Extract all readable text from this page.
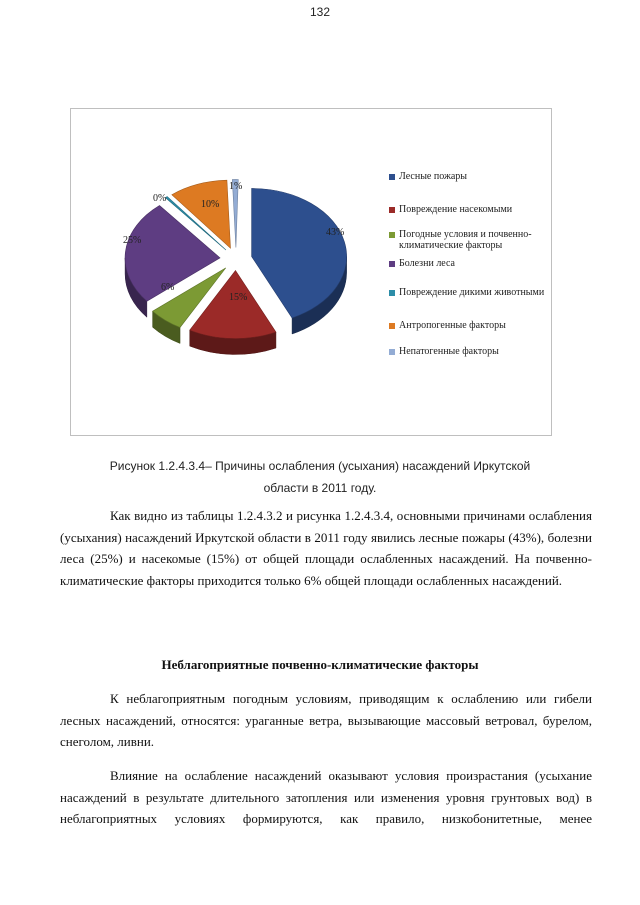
132
43%
15%
6%
25%
0%
10%
1%
Лесные пожары
Повреждение насекомыми
Погодные условия и почвенно-климатические факторы
Болезни леса
Повреждение дикими животными
Антропогенные факторы
Непатогенные факторы
Рисунок 1.2.4.3.4– Причины ослабления (усыхания) насаждений Иркутской
области в 2011 году.

Как видно из таблицы 1.2.4.3.2 и рисунка 1.2.4.3.4, основными причинами ослабления (усыхания) насаждений Иркутской области в 2011 году явились лесные пожары (43%), болезни леса (25%) и насекомые (15%) от общей площади ослабленных насаждений. На почвенно-климатические факторы приходится только 6% общей площади ослабленных насаждений.

Неблагоприятные почвенно-климатические факторы

К неблагоприятным погодным условиям, приводящим к ослаблению или гибели лесных насаждений, относятся: ураганные ветра, вызывающие массовый ветровал, бурелом, снеголом, ливни.

Влияние на ослабление насаждений оказывают условия произрастания (усыхание насаждений в результате длительного затопления или изменения уровня грунтовых вод) в неблагоприятных условиях формируются, как правило, низкобонитетные, менее
